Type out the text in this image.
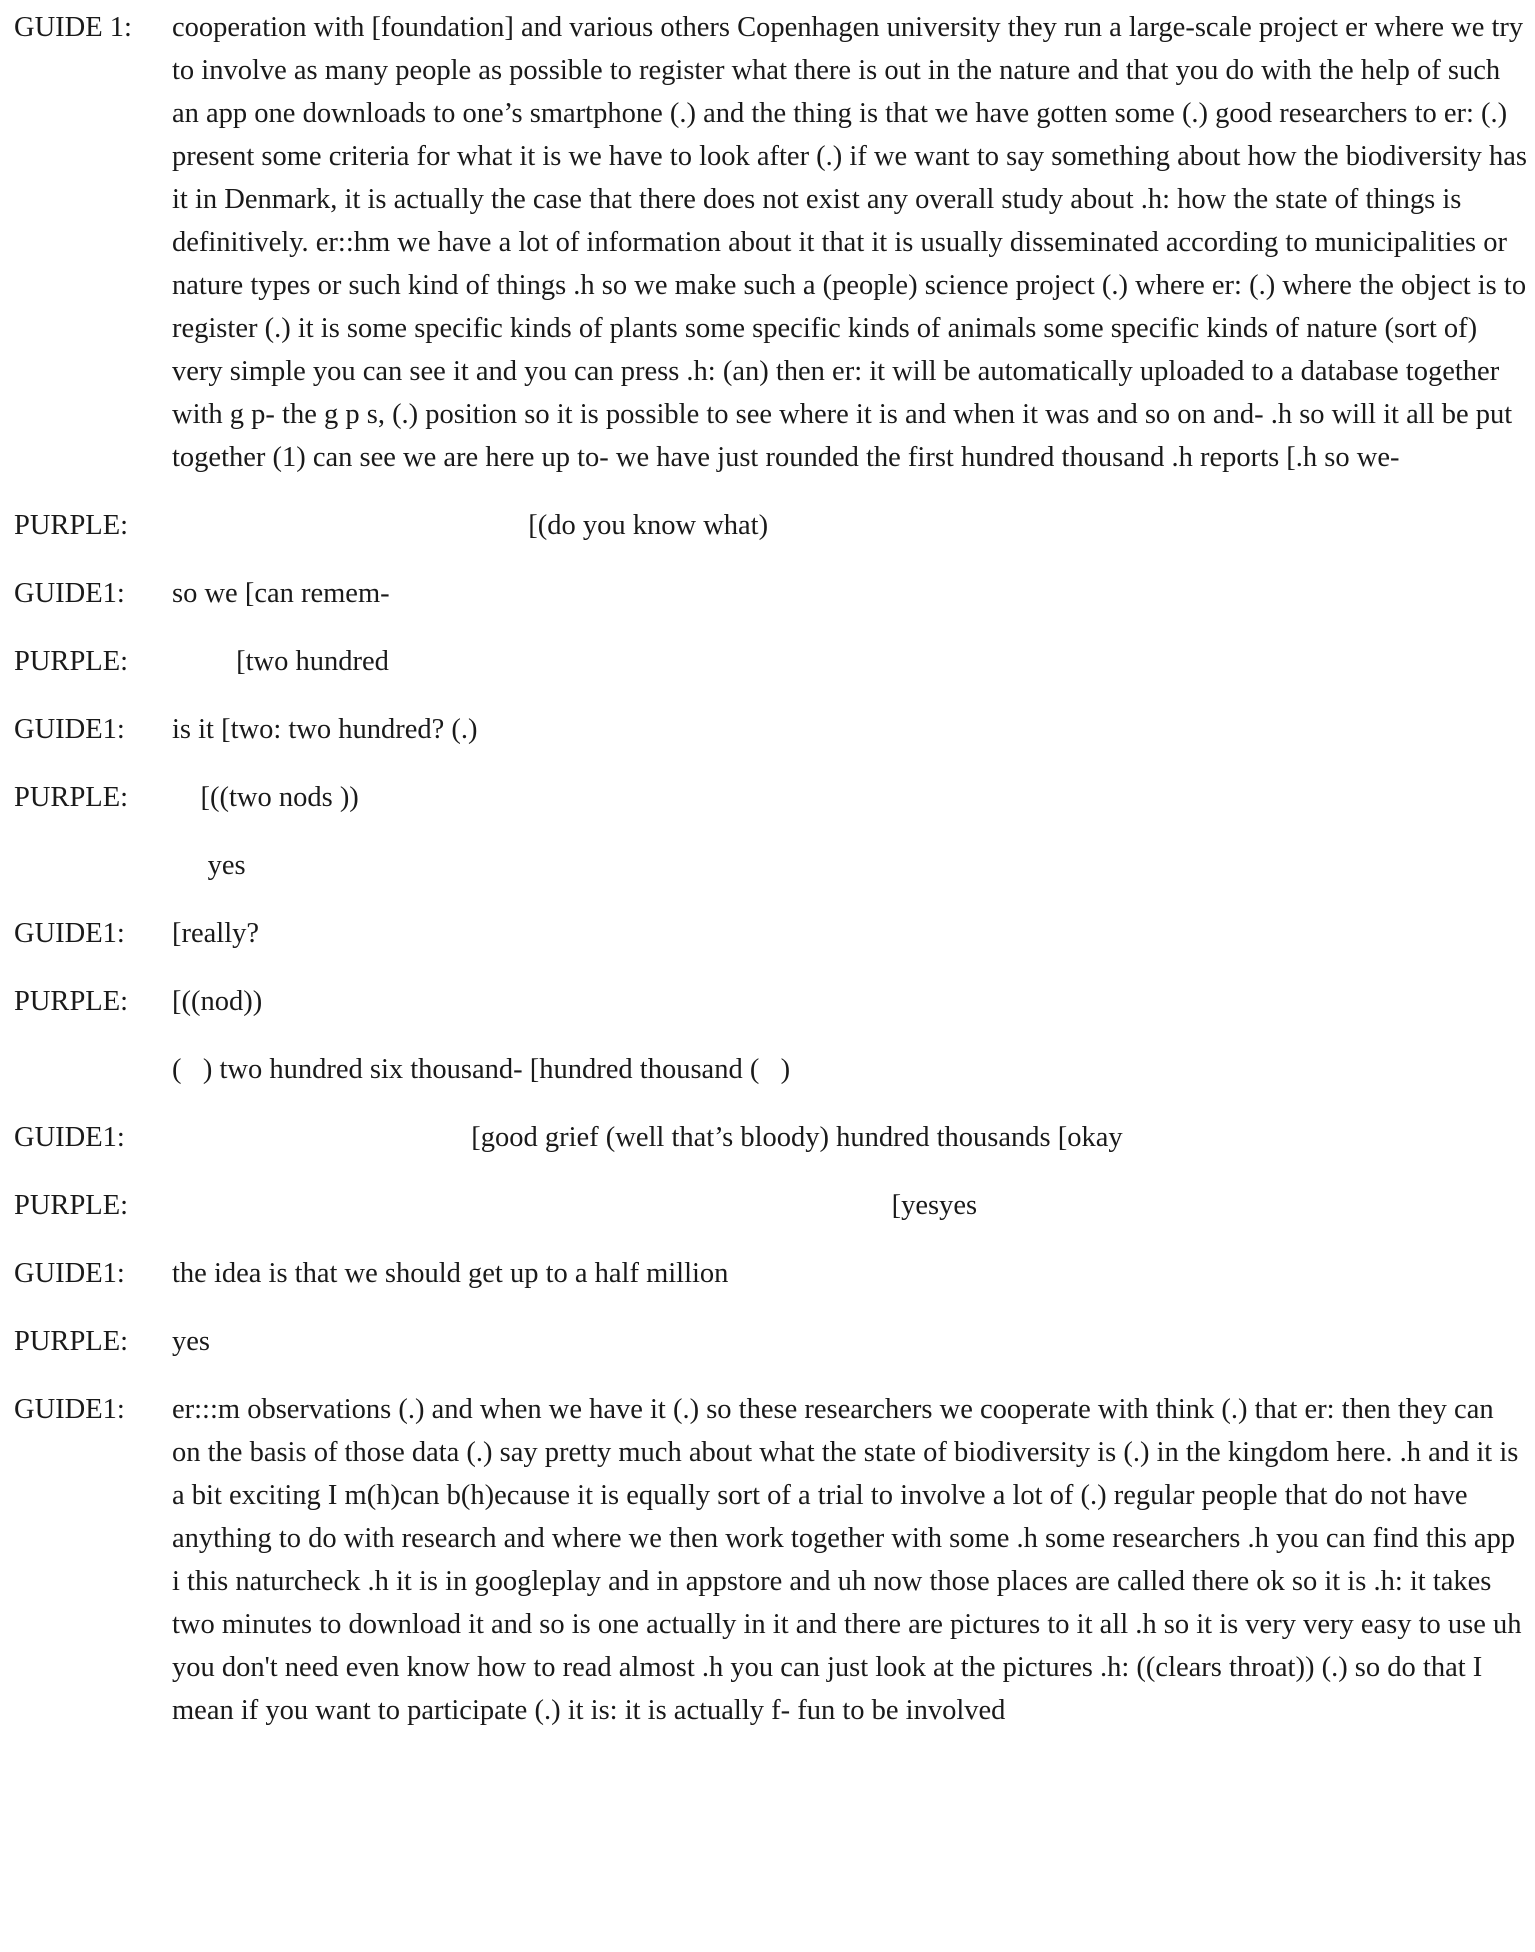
GUIDE 1: cooperation with [foundation] and various others Copenhagen university they run a large-scale project er where we try to involve as many people as possible to register what there is out in the nature and that you do with the help of such an app one downloads to one’s smartphone (.) and the thing is that we have gotten some (.) good researchers to er: (.) present some criteria for what it is we have to look after (.) if we want to say something about how the biodiversity has it in Denmark, it is actually the case that there does not exist any overall study about .h: how the state of things is definitively. er::hm we have a lot of information about it that it is usually disseminated according to municipalities or nature types or such kind of things .h so we make such a (people) science project (.) where er: (.) where the object is to register (.) it is some specific kinds of plants some specific kinds of animals some specific kinds of nature (sort of) very simple you can see it and you can press .h: (an) then er: it will be automatically uploaded to a database together with g p- the g p s, (.) position so it is possible to see where it is and when it was and so on and- .h so will it all be put together (1) can see we are here up to- we have just rounded the first hundred thousand .h reports [.h so we-
PURPLE: [(do you know what)
GUIDE1: so we [can remem-
PURPLE: [two hundred
GUIDE1: is it [two: two hundred? (.)
PURPLE: [((two nods ))
yes
GUIDE1: [really?
PURPLE: [((nod))
(   ) two hundred six thousand- [hundred thousand (   )
GUIDE1: [good grief (well that’s bloody) hundred thousands [okay
PURPLE: [yesyes
GUIDE1: the idea is that we should get up to a half million
PURPLE: yes
GUIDE1: er:::m observations (.) and when we have it (.) so these researchers we cooperate with think (.) that er: then they can on the basis of those data (.) say pretty much about what the state of biodiversity is (.) in the kingdom here. .h and it is a bit exciting I m(h)can b(h)ecause it is equally sort of a trial to involve a lot of (.) regular people that do not have anything to do with research and where we then work together with some .h some researchers .h you can find this app i this naturcheck .h it is in googleplay and in appstore and uh now those places are called there ok so it is .h: it takes two minutes to download it and so is one actually in it and there are pictures to it all .h so it is very very easy to use uh you don't need even know how to read almost .h you can just look at the pictures .h: ((clears throat)) (.) so do that I mean if you want to participate (.) it is: it is actually f- fun to be involved
